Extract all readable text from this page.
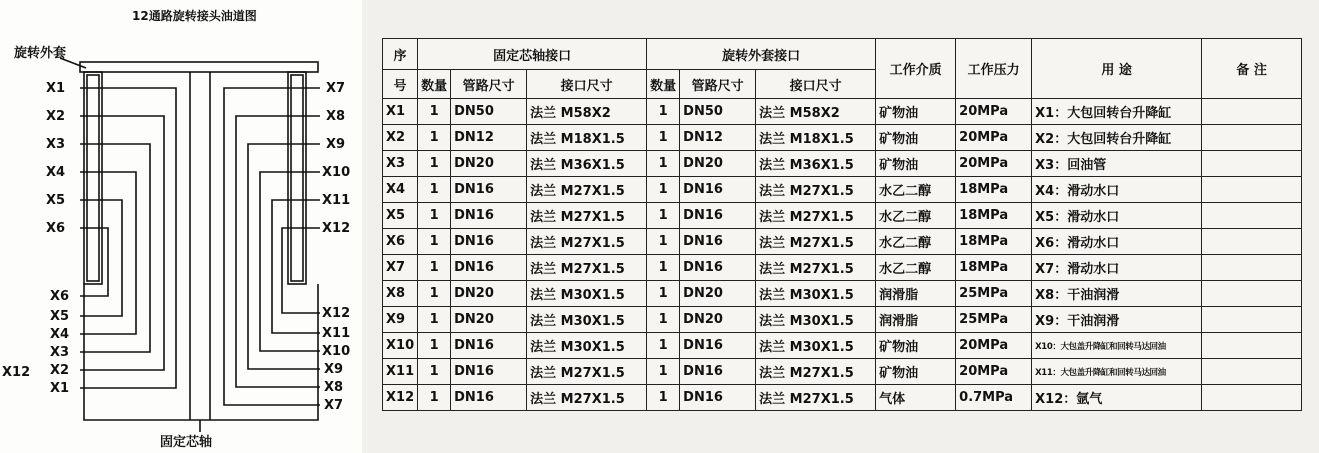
12通路旋转接头油道图
旋转外套
固定芯轴
X12
X1
X2
X3
X4
X5
X6
X7
X8
X9
X10
X11
X12
X6
X5
X4
X3
X2
X1
X12
X11
X10
X9
X8
X7
序	固定芯轴接口			旋转外套接口			工作介质	工作压力	用 途	备 注
号	数量	管路尺寸	接口尺寸	数量	管路尺寸	接口尺寸				
X1	1	DN50	法兰 M58X2	1	DN50	法兰 M58X2	矿物油	20MPa	X1：大包回转台升降缸	
X2	1	DN12	法兰 M18X1.5	1	DN12	法兰 M18X1.5	矿物油	20MPa	X2：大包回转台升降缸	
X3	1	DN20	法兰 M36X1.5	1	DN20	法兰 M36X1.5	矿物油	20MPa	X3：回油管	
X4	1	DN16	法兰 M27X1.5	1	DN16	法兰 M27X1.5	水乙二醇	18MPa	X4：滑动水口	
X5	1	DN16	法兰 M27X1.5	1	DN16	法兰 M27X1.5	水乙二醇	18MPa	X5：滑动水口	
X6	1	DN16	法兰 M27X1.5	1	DN16	法兰 M27X1.5	水乙二醇	18MPa	X6：滑动水口	
X7	1	DN16	法兰 M27X1.5	1	DN16	法兰 M27X1.5	水乙二醇	18MPa	X7：滑动水口	
X8	1	DN20	法兰 M30X1.5	1	DN20	法兰 M30X1.5	润滑脂	25MPa	X8：干油润滑	
X9	1	DN20	法兰 M30X1.5	1	DN20	法兰 M30X1.5	润滑脂	25MPa	X9：干油润滑	
X10	1	DN16	法兰 M30X1.5	1	DN16	法兰 M30X1.5	矿物油	20MPa	X10：大包盖升降缸和回转马达回油	
X11	1	DN16	法兰 M27X1.5	1	DN16	法兰 M27X1.5	矿物油	20MPa	X11：大包盖升降缸和回转马达回油	
X12	1	DN16	法兰 M27X1.5	1	DN16	法兰 M27X1.5	气体	0.7MPa	X12：氩气	
